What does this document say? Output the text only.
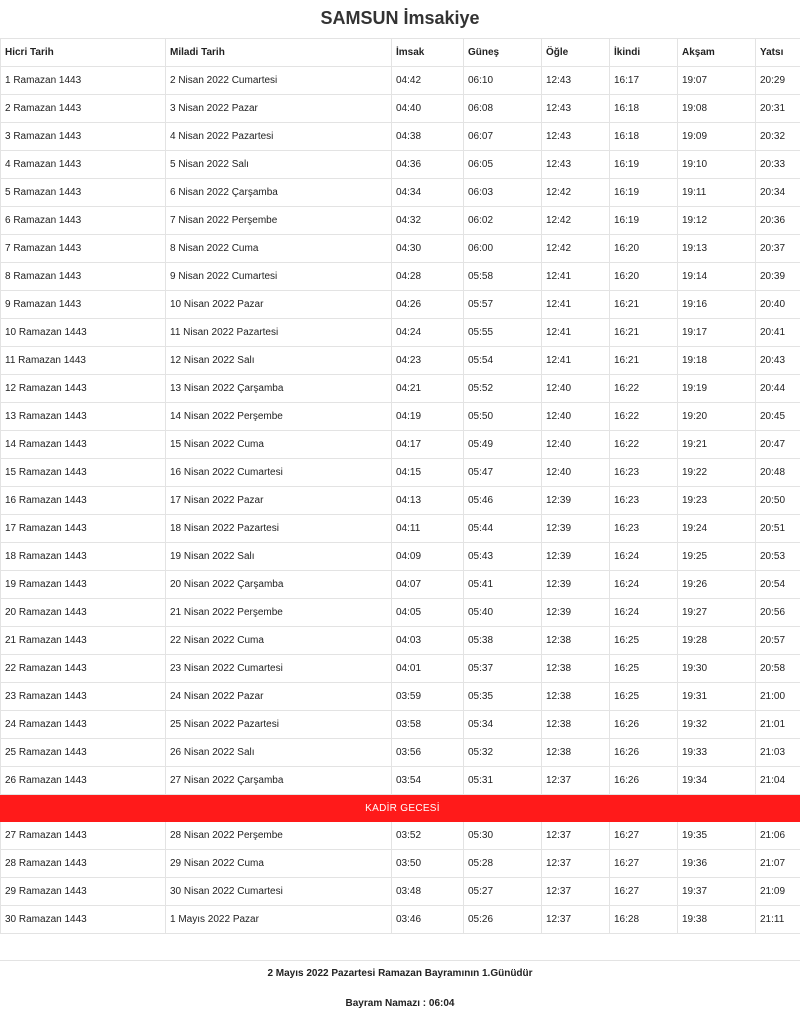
SAMSUN İmsakiye
Hicri Tarih	Miladi Tarih	İmsak	Güneş	Öğle	İkindi	Akşam	Yatsı
1 Ramazan 1443	2 Nisan 2022 Cumartesi	04:42	06:10	12:43	16:17	19:07	20:29
2 Ramazan 1443	3 Nisan 2022 Pazar	04:40	06:08	12:43	16:18	19:08	20:31
3 Ramazan 1443	4 Nisan 2022 Pazartesi	04:38	06:07	12:43	16:18	19:09	20:32
4 Ramazan 1443	5 Nisan 2022 Salı	04:36	06:05	12:43	16:19	19:10	20:33
5 Ramazan 1443	6 Nisan 2022 Çarşamba	04:34	06:03	12:42	16:19	19:11	20:34
6 Ramazan 1443	7 Nisan 2022 Perşembe	04:32	06:02	12:42	16:19	19:12	20:36
7 Ramazan 1443	8 Nisan 2022 Cuma	04:30	06:00	12:42	16:20	19:13	20:37
8 Ramazan 1443	9 Nisan 2022 Cumartesi	04:28	05:58	12:41	16:20	19:14	20:39
9 Ramazan 1443	10 Nisan 2022 Pazar	04:26	05:57	12:41	16:21	19:16	20:40
10 Ramazan 1443	11 Nisan 2022 Pazartesi	04:24	05:55	12:41	16:21	19:17	20:41
11 Ramazan 1443	12 Nisan 2022 Salı	04:23	05:54	12:41	16:21	19:18	20:43
12 Ramazan 1443	13 Nisan 2022 Çarşamba	04:21	05:52	12:40	16:22	19:19	20:44
13 Ramazan 1443	14 Nisan 2022 Perşembe	04:19	05:50	12:40	16:22	19:20	20:45
14 Ramazan 1443	15 Nisan 2022 Cuma	04:17	05:49	12:40	16:22	19:21	20:47
15 Ramazan 1443	16 Nisan 2022 Cumartesi	04:15	05:47	12:40	16:23	19:22	20:48
16 Ramazan 1443	17 Nisan 2022 Pazar	04:13	05:46	12:39	16:23	19:23	20:50
17 Ramazan 1443	18 Nisan 2022 Pazartesi	04:11	05:44	12:39	16:23	19:24	20:51
18 Ramazan 1443	19 Nisan 2022 Salı	04:09	05:43	12:39	16:24	19:25	20:53
19 Ramazan 1443	20 Nisan 2022 Çarşamba	04:07	05:41	12:39	16:24	19:26	20:54
20 Ramazan 1443	21 Nisan 2022 Perşembe	04:05	05:40	12:39	16:24	19:27	20:56
21 Ramazan 1443	22 Nisan 2022 Cuma	04:03	05:38	12:38	16:25	19:28	20:57
22 Ramazan 1443	23 Nisan 2022 Cumartesi	04:01	05:37	12:38	16:25	19:30	20:58
23 Ramazan 1443	24 Nisan 2022 Pazar	03:59	05:35	12:38	16:25	19:31	21:00
24 Ramazan 1443	25 Nisan 2022 Pazartesi	03:58	05:34	12:38	16:26	19:32	21:01
25 Ramazan 1443	26 Nisan 2022 Salı	03:56	05:32	12:38	16:26	19:33	21:03
26 Ramazan 1443	27 Nisan 2022 Çarşamba	03:54	05:31	12:37	16:26	19:34	21:04
KADİR GECESİ							
27 Ramazan 1443	28 Nisan 2022 Perşembe	03:52	05:30	12:37	16:27	19:35	21:06
28 Ramazan 1443	29 Nisan 2022 Cuma	03:50	05:28	12:37	16:27	19:36	21:07
29 Ramazan 1443	30 Nisan 2022 Cumartesi	03:48	05:27	12:37	16:27	19:37	21:09
30 Ramazan 1443	1 Mayıs 2022 Pazar	03:46	05:26	12:37	16:28	19:38	21:11

2 Mayıs 2022 Pazartesi Ramazan Bayramının 1.Günüdür

Bayram Namazı : 06:04
